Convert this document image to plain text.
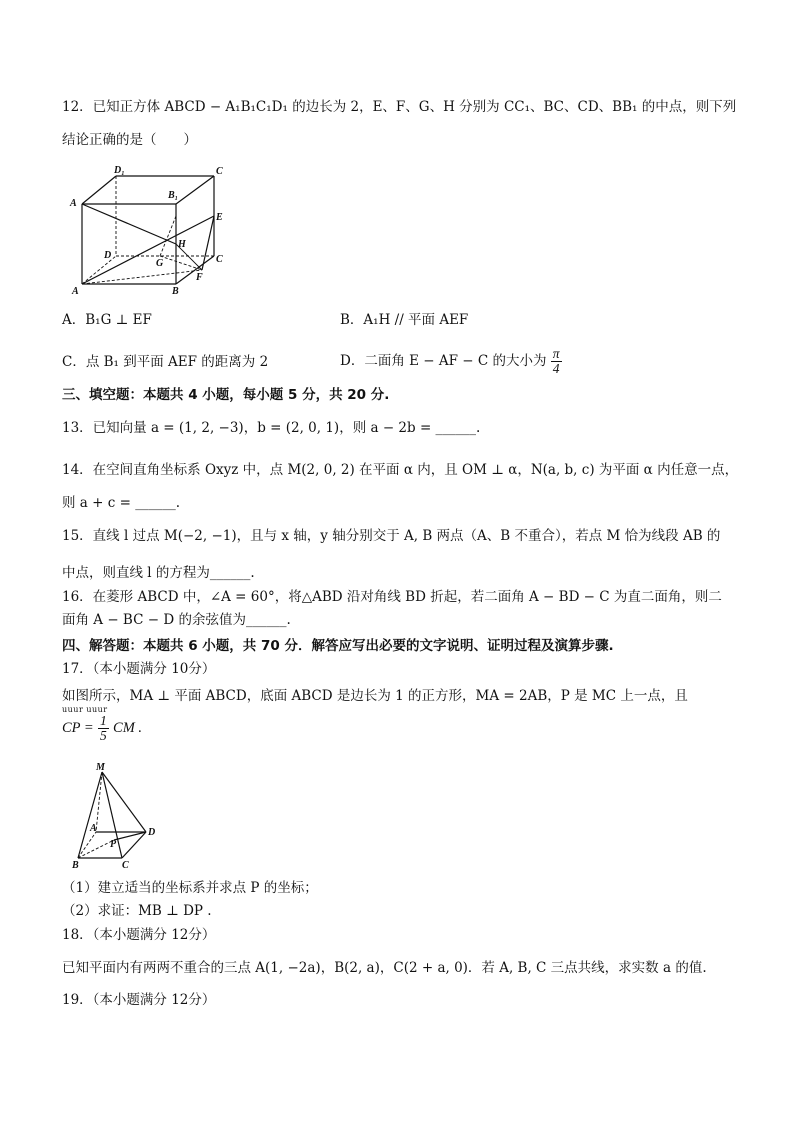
12．已知正方体 ABCD − A₁B₁C₁D₁ 的边长为 2，E、F、G、H 分别为 CC₁、BC、CD、BB₁ 的中点，则下列
结论正确的是（　　）
D₁	C
A
B₁
E
H
D
G	C
F
A	B
A．B₁G ⊥ EF	B．A₁H // 平面 AEF
C．点 B₁ 到平面 AEF 的距离为 2	D．二面角 E − AF − C 的大小为 $\frac{\pi}{4}$
三、填空题：本题共 4 小题，每小题 5 分，共 20 分.
13．已知向量 a = (1, 2, −3)，b = (2, 0, 1)，则 a − 2b = ______.
14．在空间直角坐标系 Oxyz 中，点 M(2, 0, 2) 在平面 α 内，且 OM ⊥ α，N(a, b, c) 为平面 α 内任意一点，
则 a + c = ______.
15．直线 l 过点 M(−2, −1)，且与 x 轴，y 轴分别交于 A, B 两点（A、B 不重合），若点 M 恰为线段 AB 的
中点，则直线 l 的方程为______.
16．在菱形 ABCD 中，∠A = 60°，将△ABD 沿对角线 BD 折起，若二面角 A − BD − C 为直二面角，则二
面角 A − BC − D 的余弦值为______.
四、解答题：本题共 6 小题，共 70 分．解答应写出必要的文字说明、证明过程及演算步骤.
17．（本小题满分 10分）
如图所示，MA ⊥ 平面 ABCD，底面 ABCD 是边长为 1 的正方形，MA = 2AB，P 是 MC 上一点，且
uuur uuur
CP = $\frac{1}{5}$ CM .
M
A
P
D
B	C
（1）建立适当的坐标系并求点 P 的坐标；
（2）求证：MB ⊥ DP .
18．（本小题满分 12分）
已知平面内有两两不重合的三点 A(1, −2a)，B(2, a)，C(2 + a, 0)．若 A, B, C 三点共线，求实数 a 的值.
19．（本小题满分 12分）
